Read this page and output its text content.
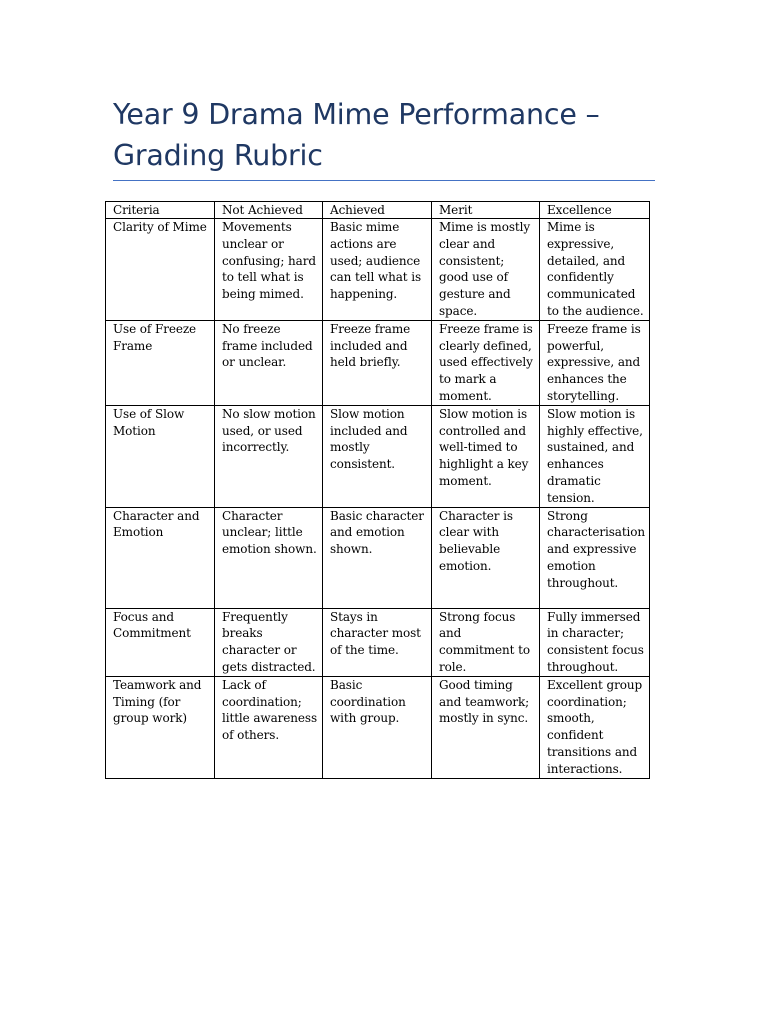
Year 9 Drama Mime Performance – Grading Rubric
Criteria	Not Achieved	Achieved	Merit	Excellence
Clarity of Mime	Movements unclear or confusing; hard to tell what is being mimed.	Basic mime actions are used; audience can tell what is happening.	Mime is mostly clear and consistent; good use of gesture and space.	Mime is expressive, detailed, and confidently communicated to the audience.
Use of Freeze Frame	No freeze frame included or unclear.	Freeze frame included and held briefly.	Freeze frame is clearly defined, used effectively to mark a moment.	Freeze frame is powerful, expressive, and enhances the storytelling.
Use of Slow Motion	No slow motion used, or used incorrectly.	Slow motion included and mostly consistent.	Slow motion is controlled and well-timed to highlight a key moment.	Slow motion is highly effective, sustained, and enhances dramatic tension.
Character and Emotion	Character unclear; little emotion shown.	Basic character and emotion shown.	Character is clear with believable emotion.	Strong characterisation and expressive emotion throughout.
Focus and Commitment	Frequently breaks character or gets distracted.	Stays in character most of the time.	Strong focus and commitment to role.	Fully immersed in character; consistent focus throughout.
Teamwork and Timing (for group work)	Lack of coordination; little awareness of others.	Basic coordination with group.	Good timing and teamwork; mostly in sync.	Excellent group coordination; smooth, confident transitions and interactions.
